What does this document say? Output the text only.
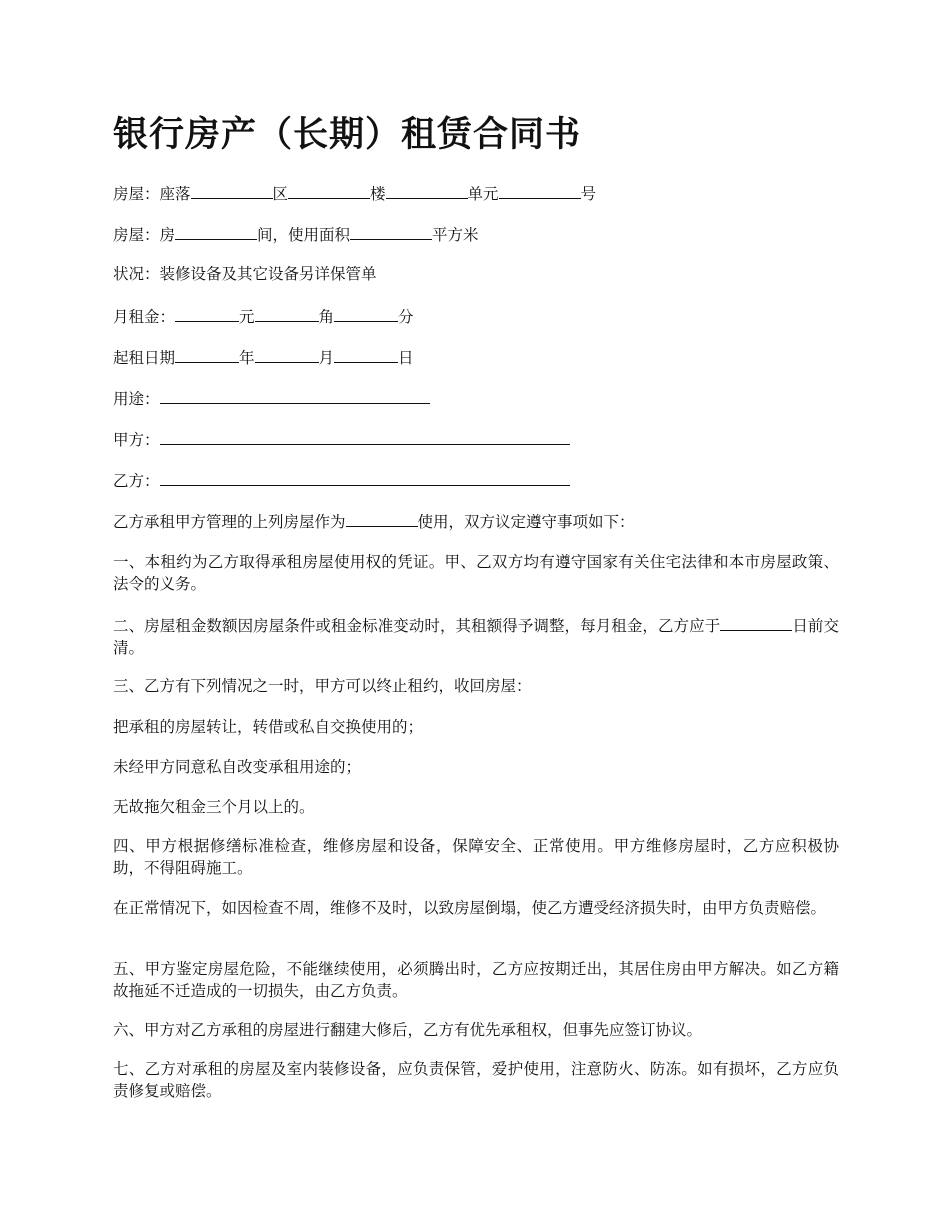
银行房产（长期）租赁合同书
房屋：座落	区	楼	单元	号
房屋：房	间，使用面积	平方米
状况：装修设备及其它设备另详保管单
月租金：	元	角	分
起租日期	年	月	日
用途：
甲方：
乙方：
乙方承租甲方管理的上列房屋作为	使用，双方议定遵守事项如下：
一、本租约为乙方取得承租房屋使用权的凭证。甲、乙双方均有遵守国家有关住宅法律和本市房屋政策、法令的义务。
二、房屋租金数额因房屋条件或租金标准变动时，其租额得予调整，每月租金，乙方应于	日前交清。
三、乙方有下列情况之一时，甲方可以终止租约，收回房屋：
把承租的房屋转让，转借或私自交换使用的；
未经甲方同意私自改变承租用途的；
无故拖欠租金三个月以上的。
四、甲方根据修缮标准检查，维修房屋和设备，保障安全、正常使用。甲方维修房屋时，乙方应积极协助，不得阻碍施工。
在正常情况下，如因检查不周，维修不及时，以致房屋倒塌，使乙方遭受经济损失时，由甲方负责赔偿。
五、甲方鉴定房屋危险，不能继续使用，必须腾出时，乙方应按期迁出，其居住房由甲方解决。如乙方籍故拖延不迁造成的一切损失，由乙方负责。
六、甲方对乙方承租的房屋进行翻建大修后，乙方有优先承租权，但事先应签订协议。
七、乙方对承租的房屋及室内装修设备，应负责保管，爱护使用，注意防火、防冻。如有损坏，乙方应负责修复或赔偿。
